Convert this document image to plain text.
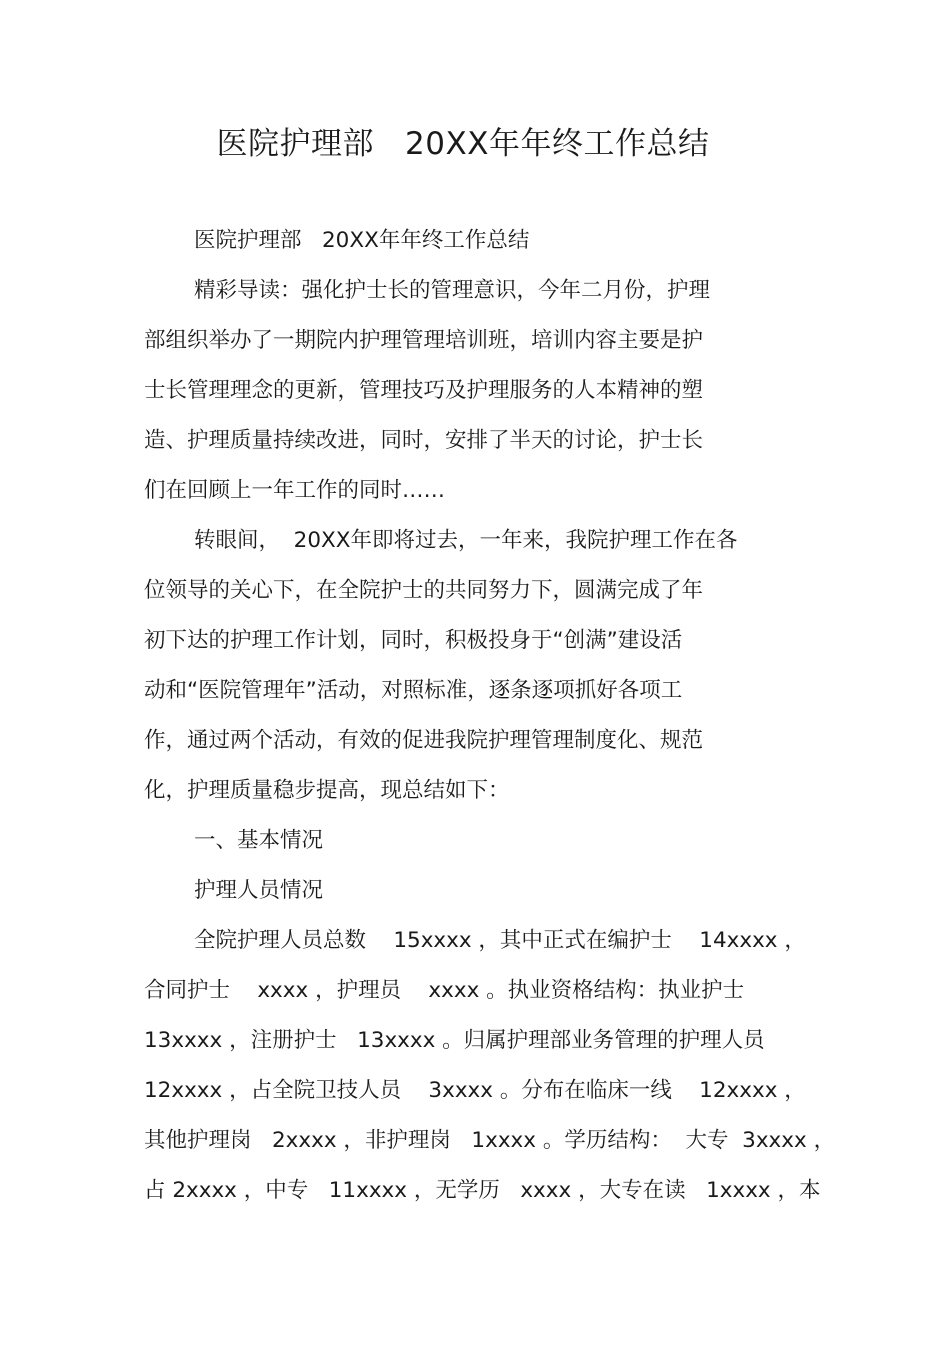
医院护理部   20XX年年终工作总结
医院护理部   20XX年年终工作总结
精彩导读：强化护士长的管理意识，今年二月份，护理
部组织举办了一期院内护理管理培训班，培训内容主要是护
士长管理理念的更新，管理技巧及护理服务的人本精神的塑
造、护理质量持续改进，同时，安排了半天的讨论，护士长
们在回顾上一年工作的同时……
转眼间，  20XX年即将过去，一年来，我院护理工作在各
位领导的关心下，在全院护士的共同努力下，圆满完成了年
初下达的护理工作计划，同时，积极投身于“创满”建设活
动和“医院管理年”活动，对照标准，逐条逐项抓好各项工
作，通过两个活动，有效的促进我院护理管理制度化、规范
化，护理质量稳步提高，现总结如下：
一、基本情况
护理人员情况
全院护理人员总数    15xxxx ，其中正式在编护士    14xxxx ，
合同护士    xxxx ，护理员    xxxx 。执业资格结构：执业护士
13xxxx ，注册护士   13xxxx 。归属护理部业务管理的护理人员
12xxxx ，占全院卫技人员    3xxxx 。分布在临床一线    12xxxx ，
其他护理岗   2xxxx ，非护理岗   1xxxx 。学历结构：  大专  3xxxx ，
占 2xxxx ，中专   11xxxx ，无学历   xxxx ，大专在读   1xxxx ，本
